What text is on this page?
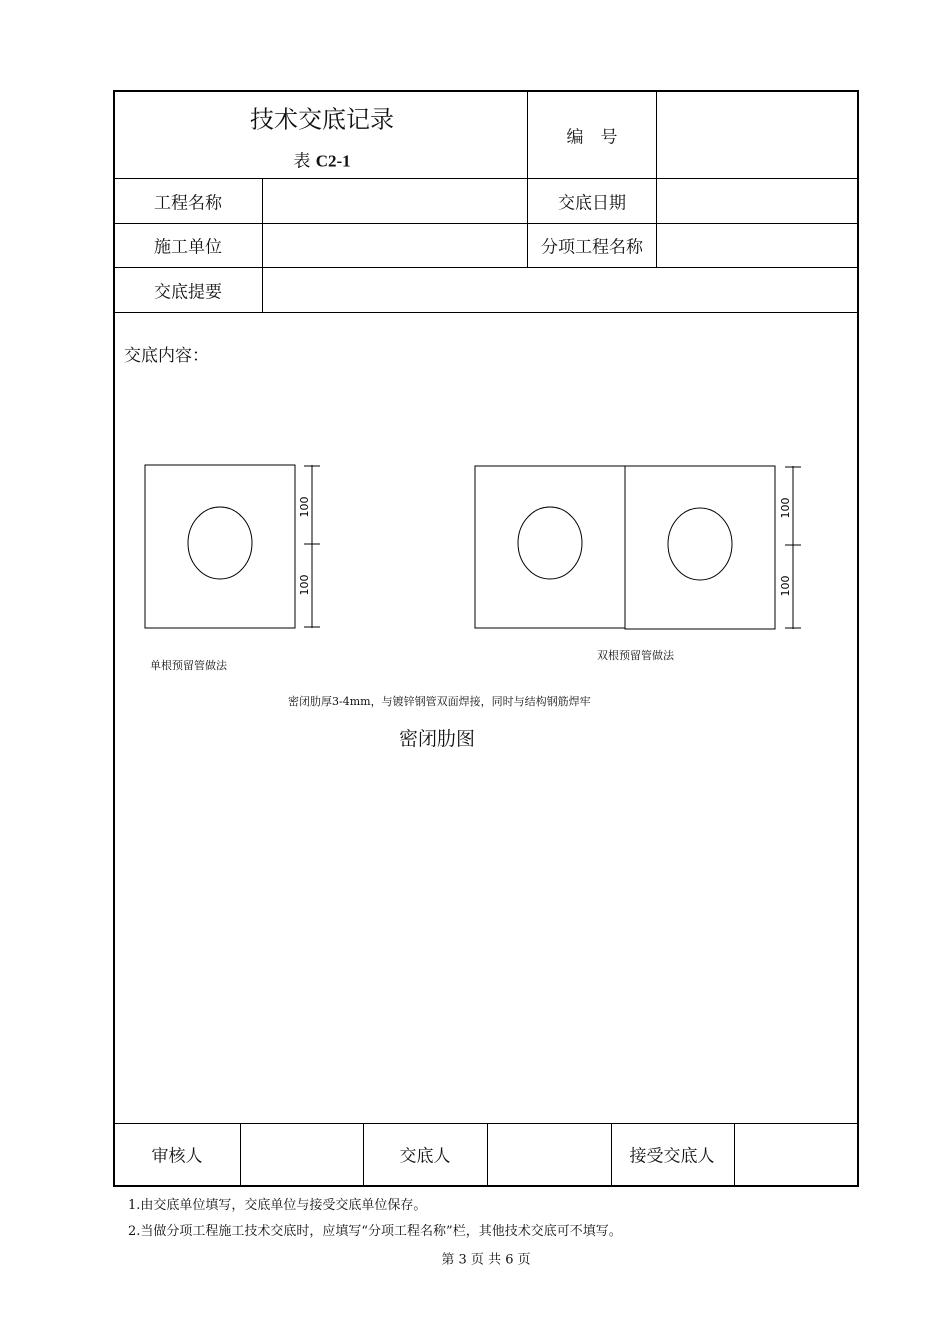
技术交底记录
表 C2-1
编　号
工程名称	交底日期
施工单位	分项工程名称
交底提要
交底内容：
100
100
100
100
单根预留管做法
双根预留管做法
密闭肋厚3-4mm，与镀锌钢管双面焊接，同时与结构钢筋焊牢
密闭肋图
审核人	交底人	接受交底人
1.由交底单位填写，交底单位与接受交底单位保存。
2.当做分项工程施工技术交底时，应填写“分项工程名称”栏，其他技术交底可不填写。
第 3 页 共 6 页
